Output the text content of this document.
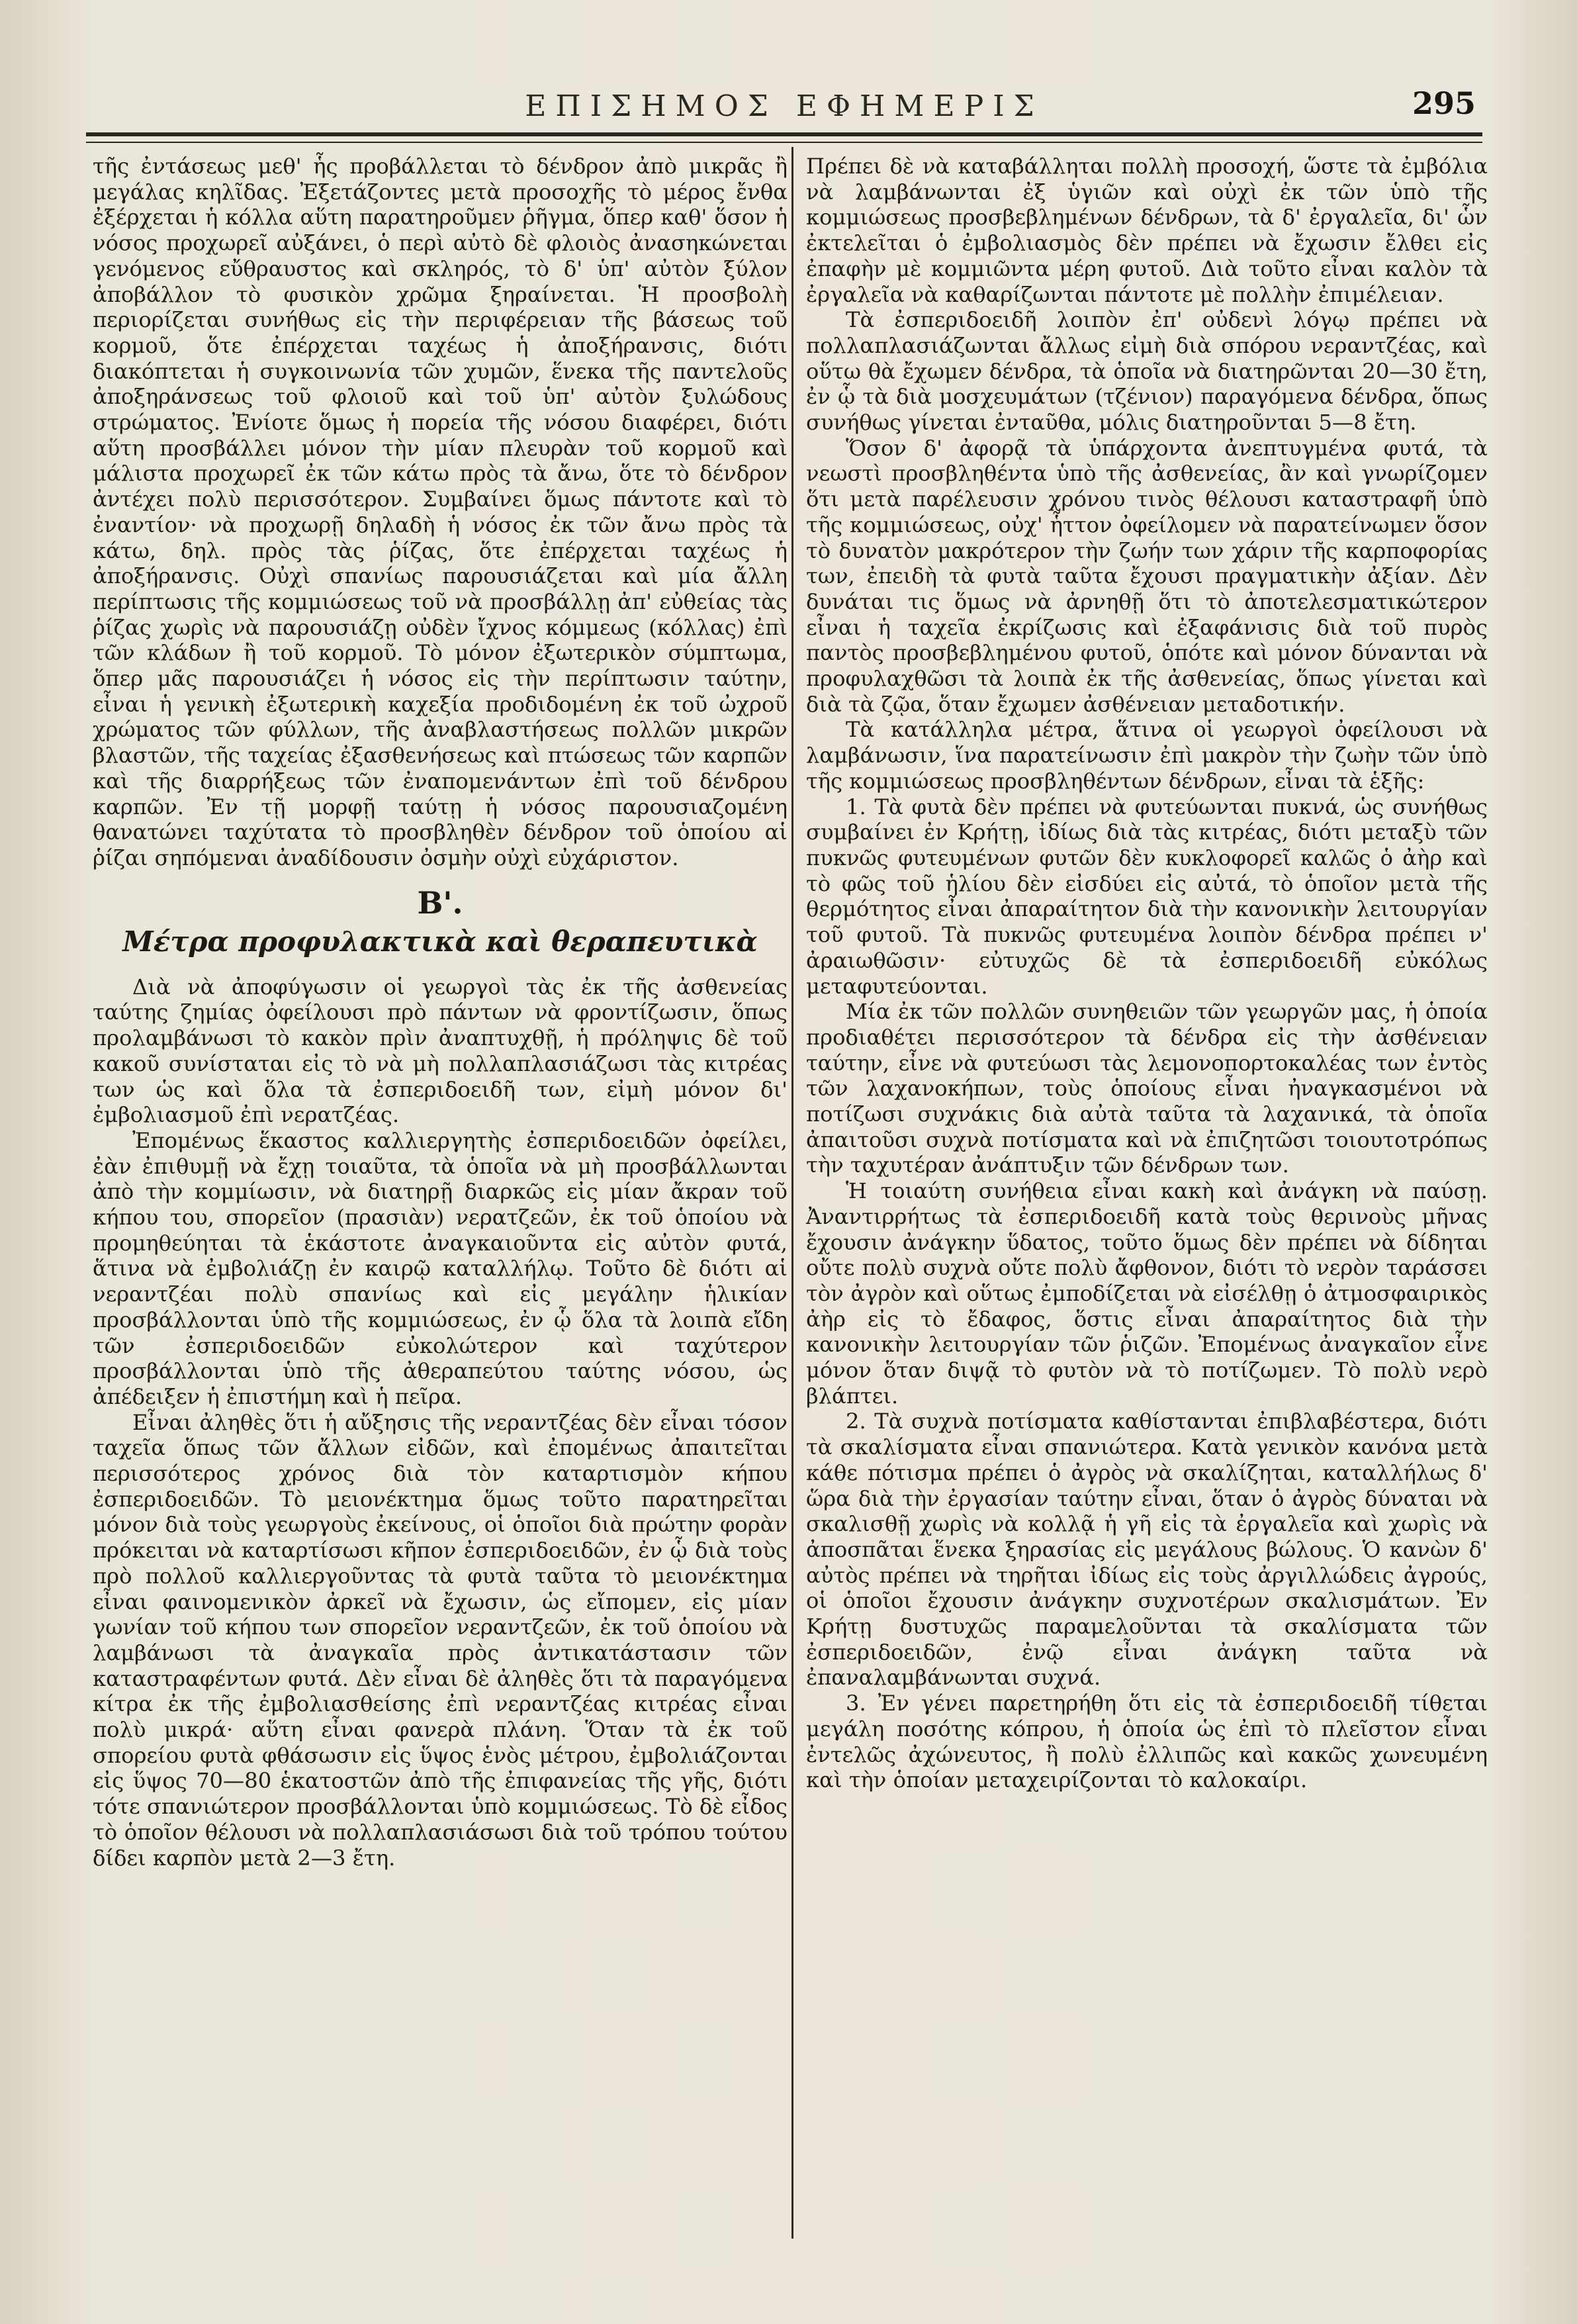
ΕΠΙΣΗΜΟΣ ΕΦΗΜΕΡΙΣ	295

τῆς ἐντάσεως μεθ' ἧς προβάλλεται τὸ δένδρον ἀπὸ μικρᾶς ἢ μεγάλας κηλῖδας. Ἐξετάζοντες μετὰ προσοχῆς τὸ μέρος ἔνθα ἐξέρχεται ἡ κόλλα αὕτη παρατηροῦμεν ῥῆγμα, ὅπερ καθ' ὅσον ἡ νόσος προχωρεῖ αὐξάνει, ὁ περὶ αὐτὸ δὲ φλοιὸς ἀνασηκώνεται γενόμενος εὔθραυστος καὶ σκληρός, τὸ δ' ὑπ' αὐτὸν ξύλον ἀποβάλλον τὸ φυσικὸν χρῶμα ξηραίνεται. Ἡ προσβολὴ περιορίζεται συνήθως εἰς τὴν περιφέρειαν τῆς βάσεως τοῦ κορμοῦ, ὅτε ἐπέρχεται ταχέως ἡ ἀποξήρανσις, διότι διακόπτεται ἡ συγκοινωνία τῶν χυμῶν, ἕνεκα τῆς παντελοῦς ἀποξηράνσεως τοῦ φλοιοῦ καὶ τοῦ ὑπ' αὐτὸν ξυλώδους στρώματος. Ἐνίοτε ὅμως ἡ πορεία τῆς νόσου διαφέρει, διότι αὕτη προσβάλλει μόνον τὴν μίαν πλευρὰν τοῦ κορμοῦ καὶ μάλιστα προχωρεῖ ἐκ τῶν κάτω πρὸς τὰ ἄνω, ὅτε τὸ δένδρον ἀντέχει πολὺ περισσότερον. Συμβαίνει ὅμως πάντοτε καὶ τὸ ἐναντίον· νὰ προχωρῇ δηλαδὴ ἡ νόσος ἐκ τῶν ἄνω πρὸς τὰ κάτω, δηλ. πρὸς τὰς ῥίζας, ὅτε ἐπέρχεται ταχέως ἡ ἀποξήρανσις. Οὐχὶ σπανίως παρουσιάζεται καὶ μία ἄλλη περίπτωσις τῆς κομμιώσεως τοῦ νὰ προσβάλλῃ ἀπ' εὐθείας τὰς ῥίζας χωρὶς νὰ παρουσιάζῃ οὐδὲν ἴχνος κόμμεως (κόλλας) ἐπὶ τῶν κλάδων ἢ τοῦ κορμοῦ. Τὸ μόνον ἐξωτερικὸν σύμπτωμα, ὅπερ μᾶς παρουσιάζει ἡ νόσος εἰς τὴν περίπτωσιν ταύτην, εἶναι ἡ γενικὴ ἐξωτερικὴ καχεξία προδιδομένη ἐκ τοῦ ὠχροῦ χρώματος τῶν φύλλων, τῆς ἀναβλαστήσεως πολλῶν μικρῶν βλαστῶν, τῆς ταχείας ἐξασθενήσεως καὶ πτώσεως τῶν καρπῶν καὶ τῆς διαρρήξεως τῶν ἐναπομενάντων ἐπὶ τοῦ δένδρου καρπῶν. Ἐν τῇ μορφῇ ταύτῃ ἡ νόσος παρουσιαζομένη θανατώνει ταχύτατα τὸ προσβληθὲν δένδρον τοῦ ὁποίου αἱ ῥίζαι σηπόμεναι ἀναδίδουσιν ὀσμὴν οὐχὶ εὐχάριστον.

Β'.
Μέτρα προφυλακτικὰ καὶ θεραπευτικὰ

Διὰ νὰ ἀποφύγωσιν οἱ γεωργοὶ τὰς ἐκ τῆς ἀσθενείας ταύτης ζημίας ὀφείλουσι πρὸ πάντων νὰ φροντίζωσιν, ὅπως προλαμβάνωσι τὸ κακὸν πρὶν ἀναπτυχθῇ, ἡ πρόληψις δὲ τοῦ κακοῦ συνίσταται εἰς τὸ νὰ μὴ πολλαπλασιάζωσι τὰς κιτρέας των ὡς καὶ ὅλα τὰ ἐσπεριδοειδῆ των, εἰμὴ μόνον δι' ἐμβολιασμοῦ ἐπὶ νερατζέας.

Ἐπομένως ἕκαστος καλλιεργητὴς ἐσπεριδοειδῶν ὀφείλει, ἐὰν ἐπιθυμῇ νὰ ἔχῃ τοιαῦτα, τὰ ὁποῖα νὰ μὴ προσβάλλωνται ἀπὸ τὴν κομμίωσιν, νὰ διατηρῇ διαρκῶς εἰς μίαν ἄκραν τοῦ κήπου του, σπορεῖον (πρασιὰν) νερατζεῶν, ἐκ τοῦ ὁποίου νὰ προμηθεύηται τὰ ἑκάστοτε ἀναγκαιοῦντα εἰς αὐτὸν φυτά, ἅτινα νὰ ἐμβολιάζῃ ἐν καιρῷ καταλλήλῳ. Τοῦτο δὲ διότι αἱ νεραντζέαι πολὺ σπανίως καὶ εἰς μεγάλην ἡλικίαν προσβάλλονται ὑπὸ τῆς κομμιώσεως, ἐν ᾧ ὅλα τὰ λοιπὰ εἴδη τῶν ἐσπεριδοειδῶν εὐκολώτερον καὶ ταχύτερον προσβάλλονται ὑπὸ τῆς ἀθεραπεύτου ταύτης νόσου, ὡς ἀπέδειξεν ἡ ἐπιστήμη καὶ ἡ πεῖρα.

Εἶναι ἀληθὲς ὅτι ἡ αὔξησις τῆς νεραντζέας δὲν εἶναι τόσον ταχεῖα ὅπως τῶν ἄλλων εἰδῶν, καὶ ἐπομένως ἀπαιτεῖται περισσότερος χρόνος διὰ τὸν καταρτισμὸν κήπου ἐσπεριδοειδῶν. Τὸ μειονέκτημα ὅμως τοῦτο παρατηρεῖται μόνον διὰ τοὺς γεωργοὺς ἐκείνους, οἱ ὁποῖοι διὰ πρώτην φορὰν πρόκειται νὰ καταρτίσωσι κῆπον ἐσπεριδοειδῶν, ἐν ᾧ διὰ τοὺς πρὸ πολλοῦ καλλιεργοῦντας τὰ φυτὰ ταῦτα τὸ μειονέκτημα εἶναι φαινομενικὸν ἀρκεῖ νὰ ἔχωσιν, ὡς εἴπομεν, εἰς μίαν γωνίαν τοῦ κήπου των σπορεῖον νεραντζεῶν, ἐκ τοῦ ὁποίου νὰ λαμβάνωσι τὰ ἀναγκαῖα πρὸς ἀντικατάστασιν τῶν καταστραφέντων φυτά. Δὲν εἶναι δὲ ἀληθὲς ὅτι τὰ παραγόμενα κίτρα ἐκ τῆς ἐμβολιασθείσης ἐπὶ νεραντζέας κιτρέας εἶναι πολὺ μικρά· αὕτη εἶναι φανερὰ πλάνη. Ὅταν τὰ ἐκ τοῦ σπορείου φυτὰ φθάσωσιν εἰς ὕψος ἑνὸς μέτρου, ἐμβολιάζονται εἰς ὕψος 70—80 ἑκατοστῶν ἀπὸ τῆς ἐπιφανείας τῆς γῆς, διότι τότε σπανιώτερον προσβάλλονται ὑπὸ κομμιώσεως. Τὸ δὲ εἶδος τὸ ὁποῖον θέλουσι νὰ πολλαπλασιάσωσι διὰ τοῦ τρόπου τούτου δίδει καρπὸν μετὰ 2—3 ἔτη.

Πρέπει δὲ νὰ καταβάλληται πολλὴ προσοχή, ὥστε τὰ ἐμβόλια νὰ λαμβάνωνται ἐξ ὑγιῶν καὶ οὐχὶ ἐκ τῶν ὑπὸ τῆς κομμιώσεως προσβεβλημένων δένδρων, τὰ δ' ἐργαλεῖα, δι' ὧν ἐκτελεῖται ὁ ἐμβολιασμὸς δὲν πρέπει νὰ ἔχωσιν ἔλθει εἰς ἐπαφὴν μὲ κομμιῶντα μέρη φυτοῦ. Διὰ τοῦτο εἶναι καλὸν τὰ ἐργαλεῖα νὰ καθαρίζωνται πάντοτε μὲ πολλὴν ἐπιμέλειαν.

Τὰ ἐσπεριδοειδῆ λοιπὸν ἐπ' οὐδενὶ λόγῳ πρέπει νὰ πολλαπλασιάζωνται ἄλλως εἰμὴ διὰ σπόρου νεραντζέας, καὶ οὕτω θὰ ἔχωμεν δένδρα, τὰ ὁποῖα νὰ διατηρῶνται 20—30 ἔτη, ἐν ᾧ τὰ διὰ μοσχευμάτων (τζένιον) παραγόμενα δένδρα, ὅπως συνήθως γίνεται ἐνταῦθα, μόλις διατηροῦνται 5—8 ἔτη.

Ὅσον δ' ἀφορᾷ τὰ ὑπάρχοντα ἀνεπτυγμένα φυτά, τὰ νεωστὶ προσβληθέντα ὑπὸ τῆς ἀσθενείας, ἂν καὶ γνωρίζομεν ὅτι μετὰ παρέλευσιν χρόνου τινὸς θέλουσι καταστραφῆ ὑπὸ τῆς κομμιώσεως, οὐχ' ἧττον ὀφείλομεν νὰ παρατείνωμεν ὅσον τὸ δυνατὸν μακρότερον τὴν ζωήν των χάριν τῆς καρποφορίας των, ἐπειδὴ τὰ φυτὰ ταῦτα ἔχουσι πραγματικὴν ἀξίαν. Δὲν δυνάται τις ὅμως νὰ ἀρνηθῇ ὅτι τὸ ἀποτελεσματικώτερον εἶναι ἡ ταχεῖα ἐκρίζωσις καὶ ἐξαφάνισις διὰ τοῦ πυρὸς παντὸς προσβεβλημένου φυτοῦ, ὁπότε καὶ μόνον δύνανται νὰ προφυλαχθῶσι τὰ λοιπὰ ἐκ τῆς ἀσθενείας, ὅπως γίνεται καὶ διὰ τὰ ζῷα, ὅταν ἔχωμεν ἀσθένειαν μεταδοτικήν.

Τὰ κατάλληλα μέτρα, ἅτινα οἱ γεωργοὶ ὀφείλουσι νὰ λαμβάνωσιν, ἵνα παρατείνωσιν ἐπὶ μακρὸν τὴν ζωὴν τῶν ὑπὸ τῆς κομμιώσεως προσβληθέντων δένδρων, εἶναι τὰ ἑξῆς:

1. Τὰ φυτὰ δὲν πρέπει νὰ φυτεύωνται πυκνά, ὡς συνήθως συμβαίνει ἐν Κρήτῃ, ἰδίως διὰ τὰς κιτρέας, διότι μεταξὺ τῶν πυκνῶς φυτευμένων φυτῶν δὲν κυκλοφορεῖ καλῶς ὁ ἀὴρ καὶ τὸ φῶς τοῦ ἡλίου δὲν εἰσδύει εἰς αὐτά, τὸ ὁποῖον μετὰ τῆς θερμότητος εἶναι ἀπαραίτητον διὰ τὴν κανονικὴν λειτουργίαν τοῦ φυτοῦ. Τὰ πυκνῶς φυτευμένα λοιπὸν δένδρα πρέπει ν' ἀραιωθῶσιν· εὐτυχῶς δὲ τὰ ἐσπεριδοειδῆ εὐκόλως μεταφυτεύονται.

Μία ἐκ τῶν πολλῶν συνηθειῶν τῶν γεωργῶν μας, ἡ ὁποία προδιαθέτει περισσότερον τὰ δένδρα εἰς τὴν ἀσθένειαν ταύτην, εἶνε νὰ φυτεύωσι τὰς λεμονοπορτοκαλέας των ἐντὸς τῶν λαχανοκήπων, τοὺς ὁποίους εἶναι ἠναγκασμένοι νὰ ποτίζωσι συχνάκις διὰ αὐτὰ ταῦτα τὰ λαχανικά, τὰ ὁποῖα ἀπαιτοῦσι συχνὰ ποτίσματα καὶ νὰ ἐπιζητῶσι τοιουτοτρόπως τὴν ταχυτέραν ἀνάπτυξιν τῶν δένδρων των.

Ἡ τοιαύτη συνήθεια εἶναι κακὴ καὶ ἀνάγκη νὰ παύσῃ. Ἀναντιρρήτως τὰ ἐσπεριδοειδῆ κατὰ τοὺς θερινοὺς μῆνας ἔχουσιν ἀνάγκην ὕδατος, τοῦτο ὅμως δὲν πρέπει νὰ δίδηται οὔτε πολὺ συχνὰ οὔτε πολὺ ἄφθονον, διότι τὸ νερὸν ταράσσει τὸν ἀγρὸν καὶ οὕτως ἐμποδίζεται νὰ εἰσέλθῃ ὁ ἀτμοσφαιρικὸς ἀὴρ εἰς τὸ ἔδαφος, ὅστις εἶναι ἀπαραίτητος διὰ τὴν κανονικὴν λειτουργίαν τῶν ῥιζῶν. Ἐπομένως ἀναγκαῖον εἶνε μόνον ὅταν διψᾷ τὸ φυτὸν νὰ τὸ ποτίζωμεν. Τὸ πολὺ νερὸ βλάπτει.

2. Τὰ συχνὰ ποτίσματα καθίστανται ἐπιβλαβέστερα, διότι τὰ σκαλίσματα εἶναι σπανιώτερα. Κατὰ γενικὸν κανόνα μετὰ κάθε πότισμα πρέπει ὁ ἀγρὸς νὰ σκαλίζηται, καταλλήλως δ' ὥρα διὰ τὴν ἐργασίαν ταύτην εἶναι, ὅταν ὁ ἀγρὸς δύναται νὰ σκαλισθῇ χωρὶς νὰ κολλᾷ ἡ γῆ εἰς τὰ ἐργαλεῖα καὶ χωρὶς νὰ ἀποσπᾶται ἕνεκα ξηρασίας εἰς μεγάλους βώλους. Ὁ κανὼν δ' αὐτὸς πρέπει νὰ τηρῆται ἰδίως εἰς τοὺς ἀργιλλώδεις ἀγρούς, οἱ ὁποῖοι ἔχουσιν ἀνάγκην συχνοτέρων σκαλισμάτων. Ἐν Κρήτῃ δυστυχῶς παραμελοῦνται τὰ σκαλίσματα τῶν ἐσπεριδοειδῶν, ἐνῷ εἶναι ἀνάγκη ταῦτα νὰ ἐπαναλαμβάνωνται συχνά.

3. Ἐν γένει παρετηρήθη ὅτι εἰς τὰ ἐσπεριδοειδῆ τίθεται μεγάλη ποσότης κόπρου, ἡ ὁποία ὡς ἐπὶ τὸ πλεῖστον εἶναι ἐντελῶς ἀχώνευτος, ἢ πολὺ ἐλλιπῶς καὶ κακῶς χωνευμένη καὶ τὴν ὁποίαν μεταχειρίζονται τὸ καλοκαίρι.
